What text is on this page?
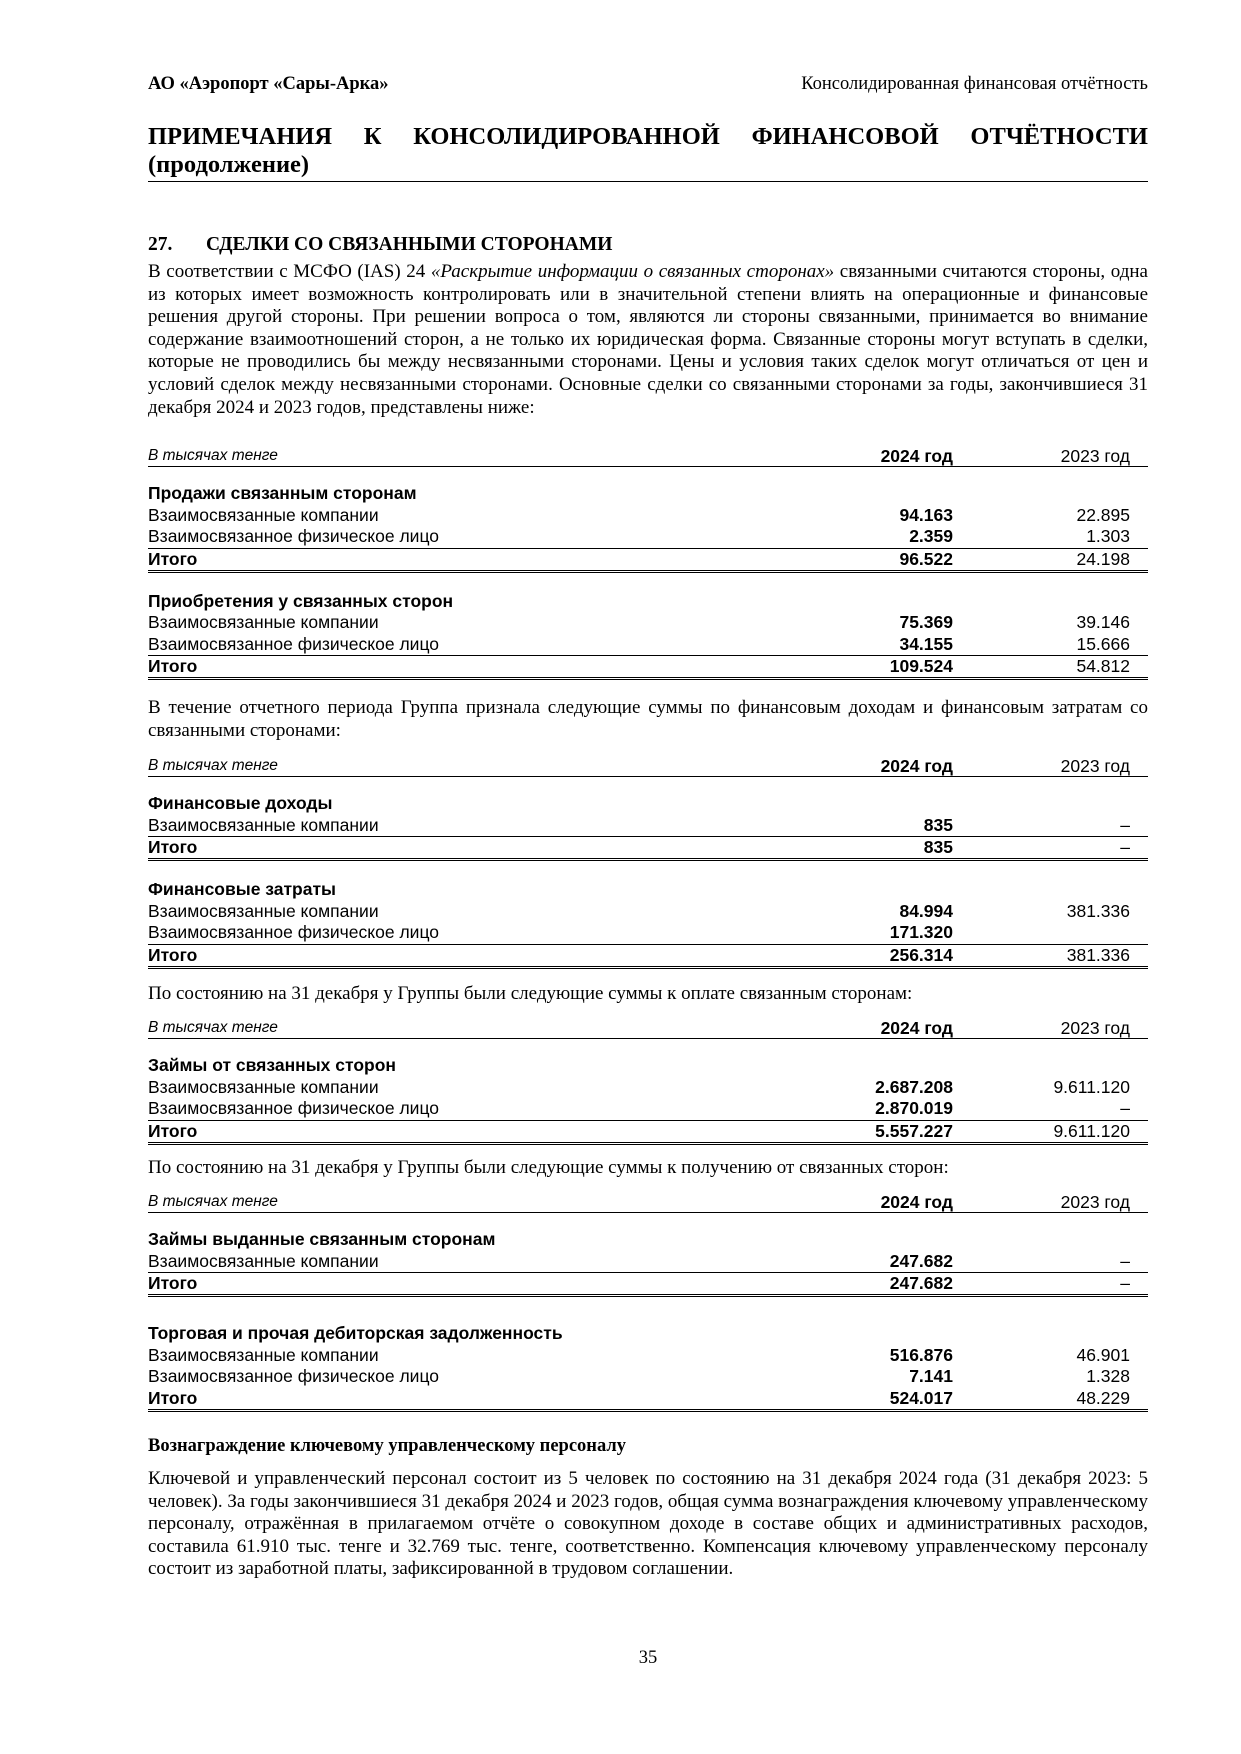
АО «Аэропорт «Сары-Арка»	Консолидированная финансовая отчётность
ПРИМЕЧАНИЯ К КОНСОЛИДИРОВАННОЙ ФИНАНСОВОЙ ОТЧЁТНОСТИ
(продолжение)
27. СДЕЛКИ СО СВЯЗАННЫМИ СТОРОНАМИ
В соответствии с МСФО (IAS) 24 «Раскрытие информации о связанных сторонах» связанными считаются стороны, одна из которых имеет возможность контролировать или в значительной степени влиять на операционные и финансовые решения другой стороны. При решении вопроса о том, являются ли стороны связанными, принимается во внимание содержание взаимоотношений сторон, а не только их юридическая форма. Связанные стороны могут вступать в сделки, которые не проводились бы между несвязанными сторонами. Цены и условия таких сделок могут отличаться от цен и условий сделок между несвязанными сторонами. Основные сделки со связанными сторонами за годы, закончившиеся 31 декабря 2024 и 2023 годов, представлены ниже:
В тысячах тенге	2024 год	2023 год
Продажи связанным сторонам
Взаимосвязанные компании	94.163	22.895
Взаимосвязанное физическое лицо	2.359	1.303
Итого	96.522	24.198
Приобретения у связанных сторон
Взаимосвязанные компании	75.369	39.146
Взаимосвязанное физическое лицо	34.155	15.666
Итого	109.524	54.812
В течение отчетного периода Группа признала следующие суммы по финансовым доходам и финансовым затратам со связанными сторонами:
В тысячах тенге	2024 год	2023 год
Финансовые доходы
Взаимосвязанные компании	835	–
Итого	835	–
Финансовые затраты
Взаимосвязанные компании	84.994	381.336
Взаимосвязанное физическое лицо	171.320
Итого	256.314	381.336
По состоянию на 31 декабря у Группы были следующие суммы к оплате связанным сторонам:
В тысячах тенге	2024 год	2023 год
Займы от связанных сторон
Взаимосвязанные компании	2.687.208	9.611.120
Взаимосвязанное физическое лицо	2.870.019	–
Итого	5.557.227	9.611.120
По состоянию на 31 декабря у Группы были следующие суммы к получению от связанных сторон:
В тысячах тенге	2024 год	2023 год
Займы выданные связанным сторонам
Взаимосвязанные компании	247.682	–
Итого	247.682	–
Торговая и прочая дебиторская задолженность
Взаимосвязанные компании	516.876	46.901
Взаимосвязанное физическое лицо	7.141	1.328
Итого	524.017	48.229
Вознаграждение ключевому управленческому персоналу
Ключевой и управленческий персонал состоит из 5 человек по состоянию на 31 декабря 2024 года (31 декабря 2023: 5 человек). За годы закончившиеся 31 декабря 2024 и 2023 годов, общая сумма вознаграждения ключевому управленческому персоналу, отражённая в прилагаемом отчёте о совокупном доходе в составе общих и административных расходов, составила 61.910 тыс. тенге и 32.769 тыс. тенге, соответственно. Компенсация ключевому управленческому персоналу состоит из заработной платы, зафиксированной в трудовом соглашении.
35
